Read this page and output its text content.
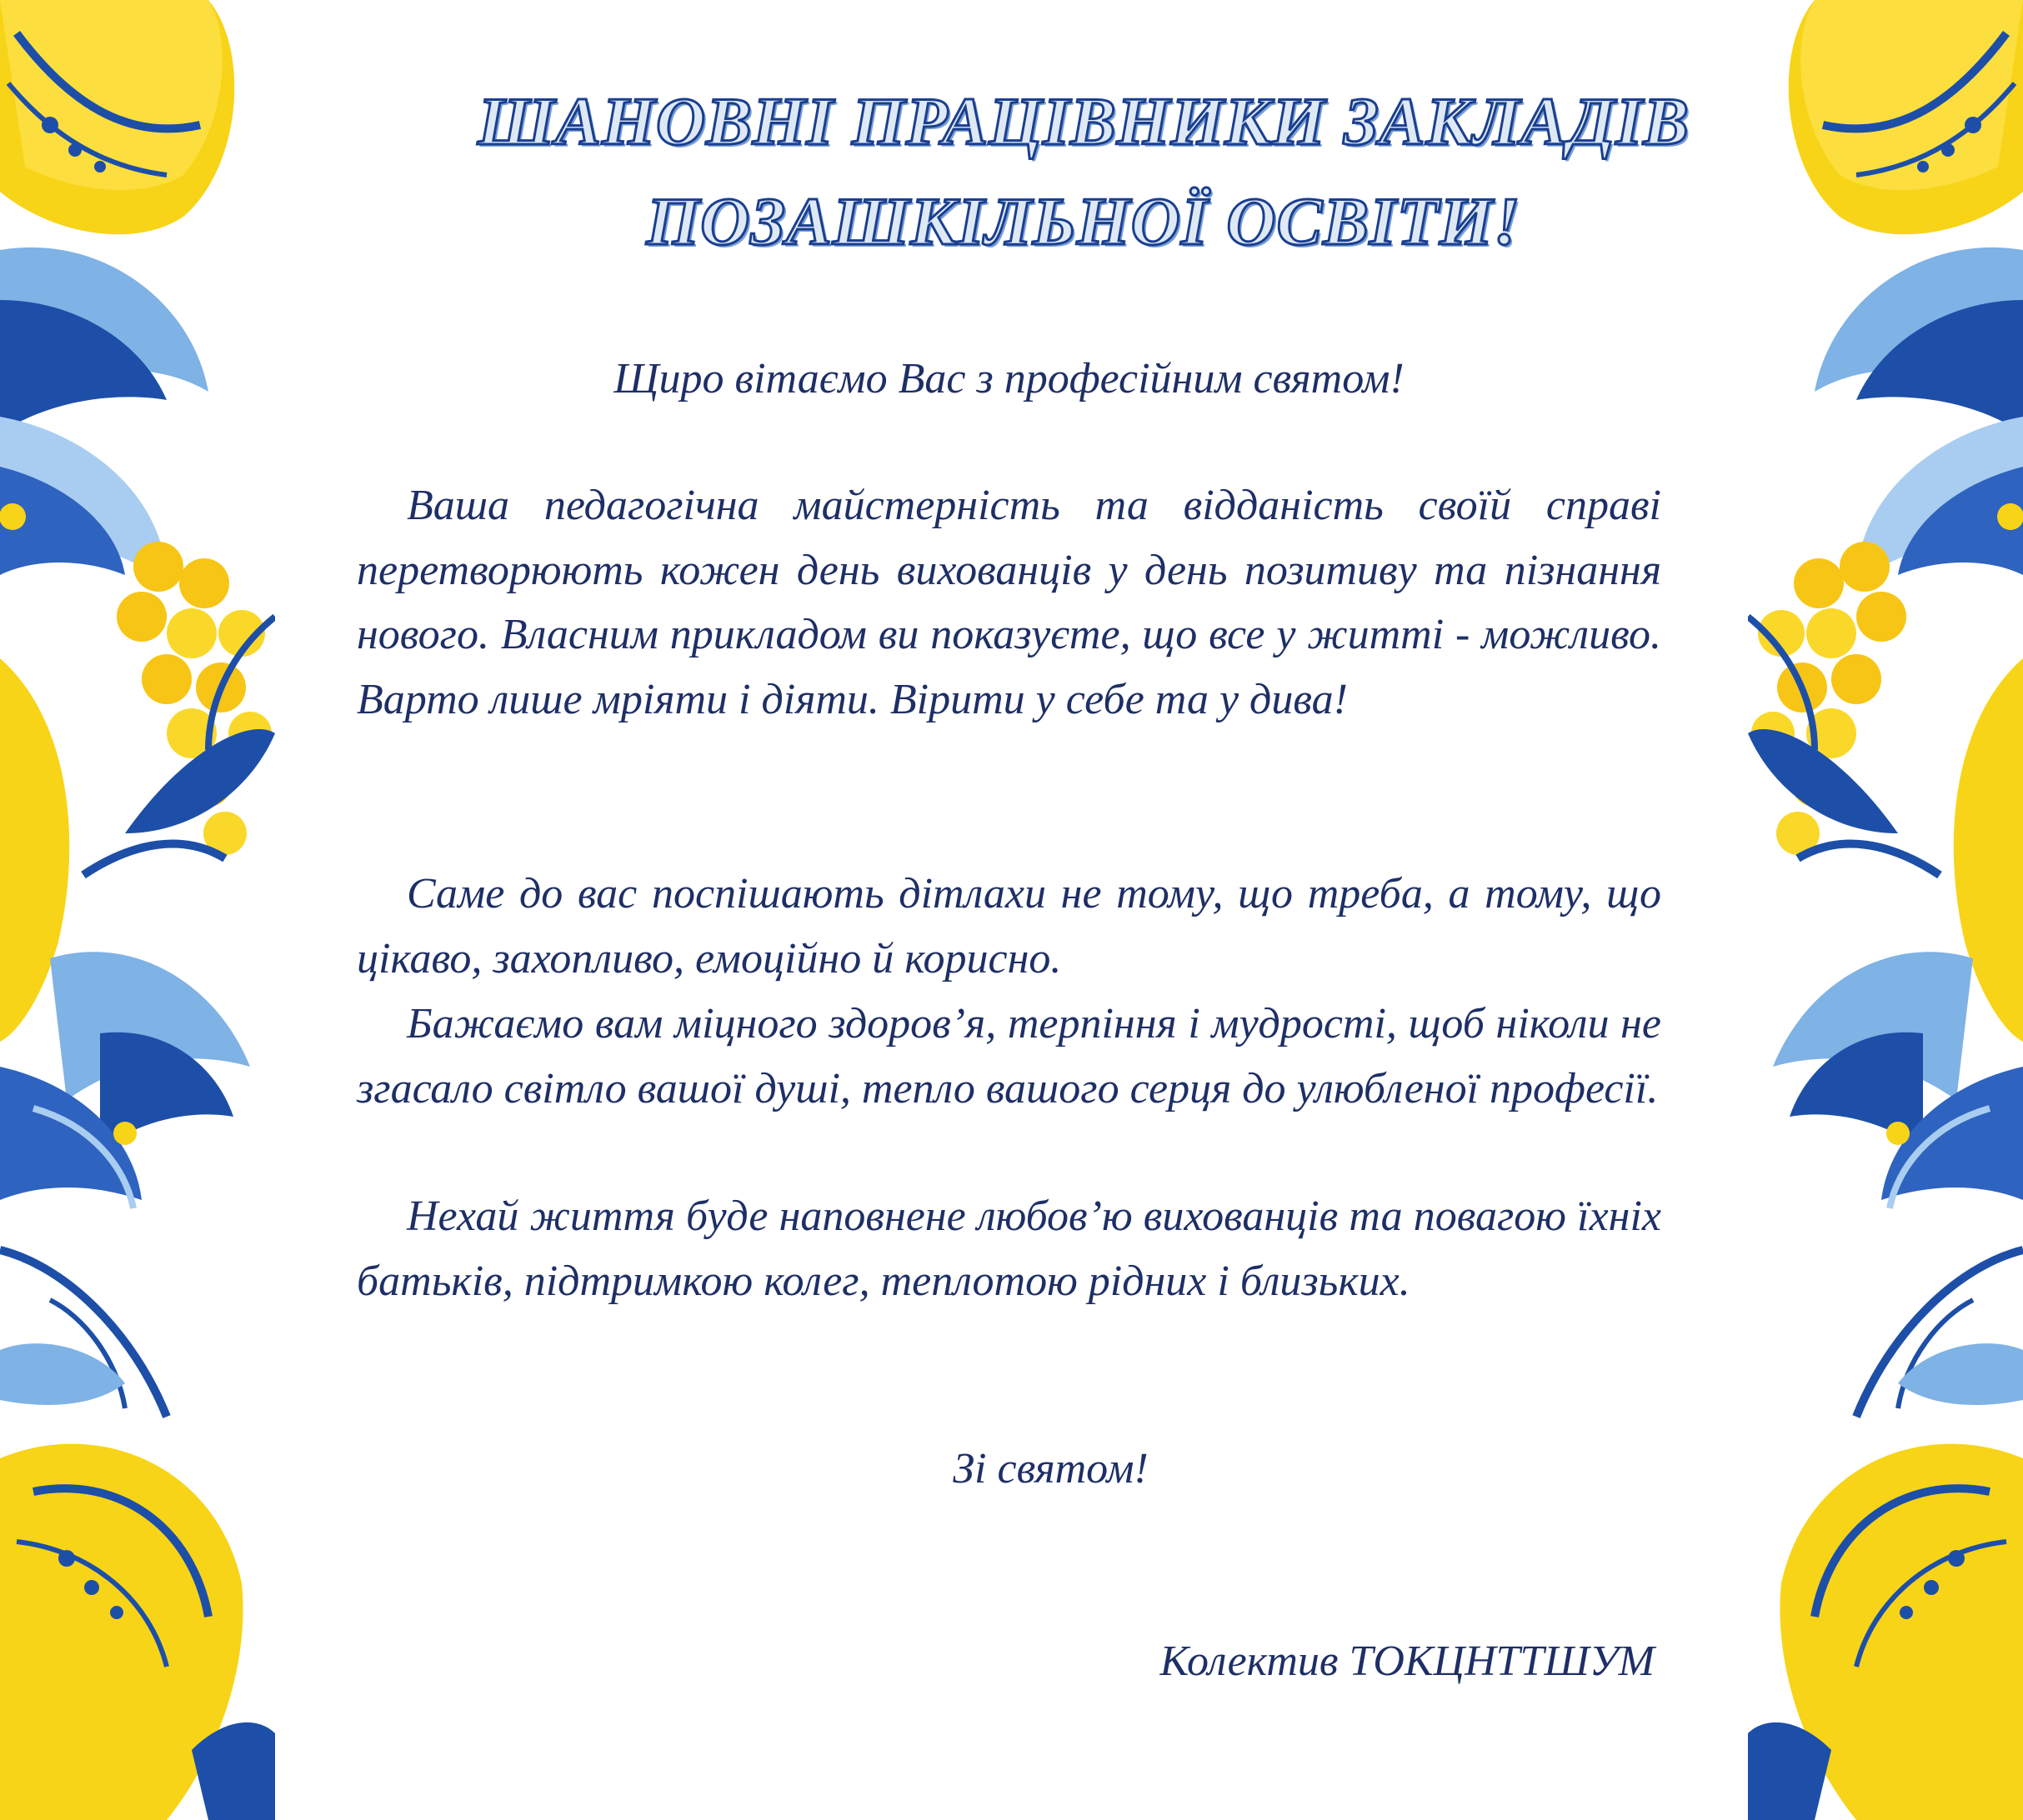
ШАНОВНІ ПРАЦІВНИКИ ЗАКЛАДІВ
ПОЗАШКІЛЬНОЇ ОСВІТИ!
Щиро вітаємо Вас з професійним святом!

Ваша педагогічна майстерність та відданість своїй справі перетворюють кожен день вихованців у день позитиву та пізнання нового. Власним прикладом ви показуєте, що все у житті - можливо. Варто лише мріяти і діяти. Вірити у себе та у дива!

Саме до вас поспішають дітлахи не тому, що треба, а тому, що цікаво, захопливо, емоційно й корисно.

Бажаємо вам міцного здоров’я, терпіння і мудрості, щоб ніколи не згасало світло вашої душі, тепло вашого серця до улюбленої професії.

Нехай життя буде наповнене любов’ю вихованців та повагою їхніх батьків, підтримкою колег, теплотою рідних і близьких.

Зі святом!
Колектив ТОКЦНТТШУМ
